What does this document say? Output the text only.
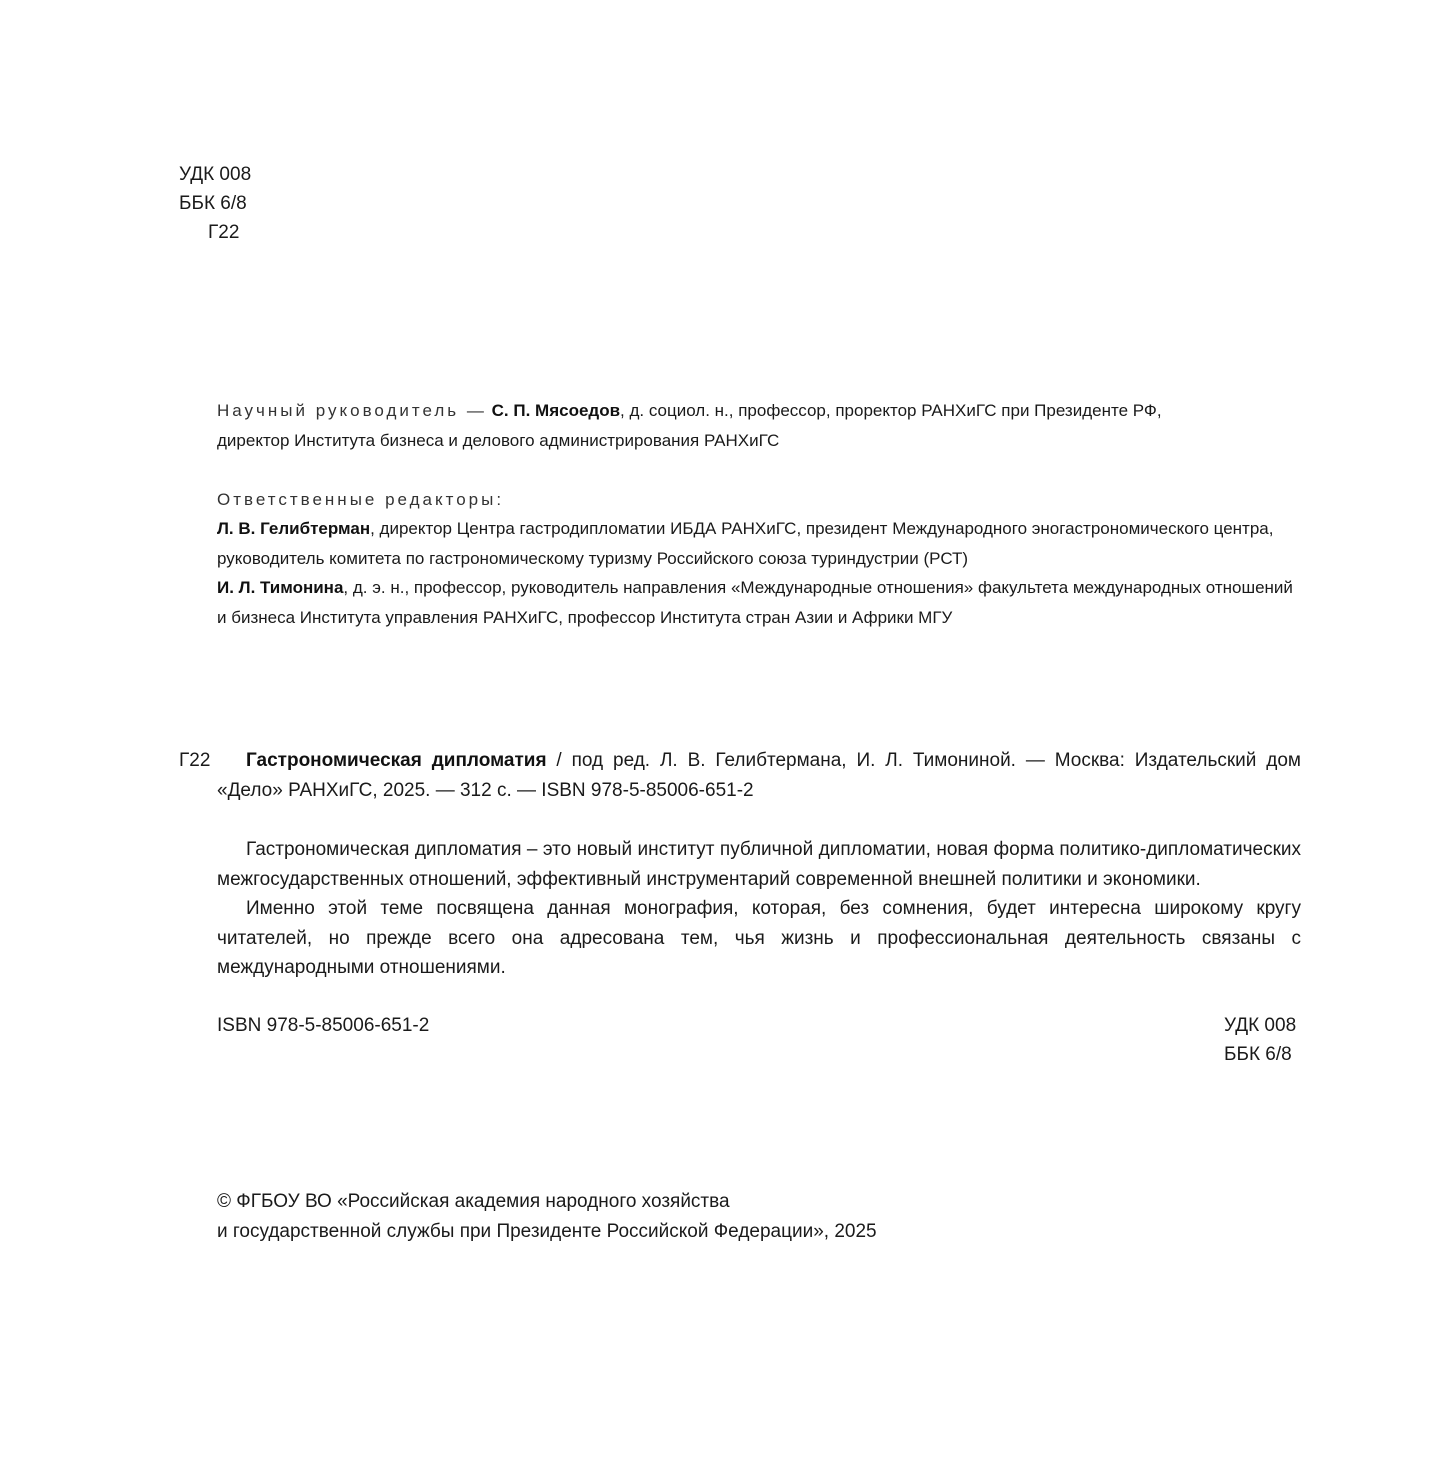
УДК 008
ББК 6/8
Г22
Научный руководитель — С. П. Мясоедов, д. социол. н., профессор, проректор РАНХиГС при Президенте РФ,
директор Института бизнеса и делового администрирования РАНХиГС
Ответственные редакторы:
Л. В. Гелибтерман, директор Центра гастродипломатии ИБДА РАНХиГС, президент Международного эногастрономического центра, руководитель комитета по гастрономическому туризму Российского союза туриндустрии (РСТ)
И. Л. Тимонина, д. э. н., профессор, руководитель направления «Международные отношения» факультета международных отношений и бизнеса Института управления РАНХиГС, профессор Института стран Азии и Африки МГУ
Г22	Гастрономическая дипломатия / под ред. Л. В. Гелибтермана, И. Л. Тимониной. — Москва: Издательский дом «Дело» РАНХиГС, 2025. — 312 с. — ISBN 978-5-85006-651-2

Гастрономическая дипломатия – это новый институт публичной дипломатии, новая форма политико-дипломатических межгосударственных отношений, эффективный инструментарий современной внешней политики и экономики.

Именно этой теме посвящена данная монография, которая, без сомнения, будет интересна широкому кругу читателей, но прежде всего она адресована тем, чья жизнь и профессиональная деятельность связаны с международными отношениями.

ISBN 978-5-85006-651-2	УДК 008
ББК 6/8
© ФГБОУ ВО «Российская академия народного хозяйства
и государственной службы при Президенте Российской Федерации», 2025
